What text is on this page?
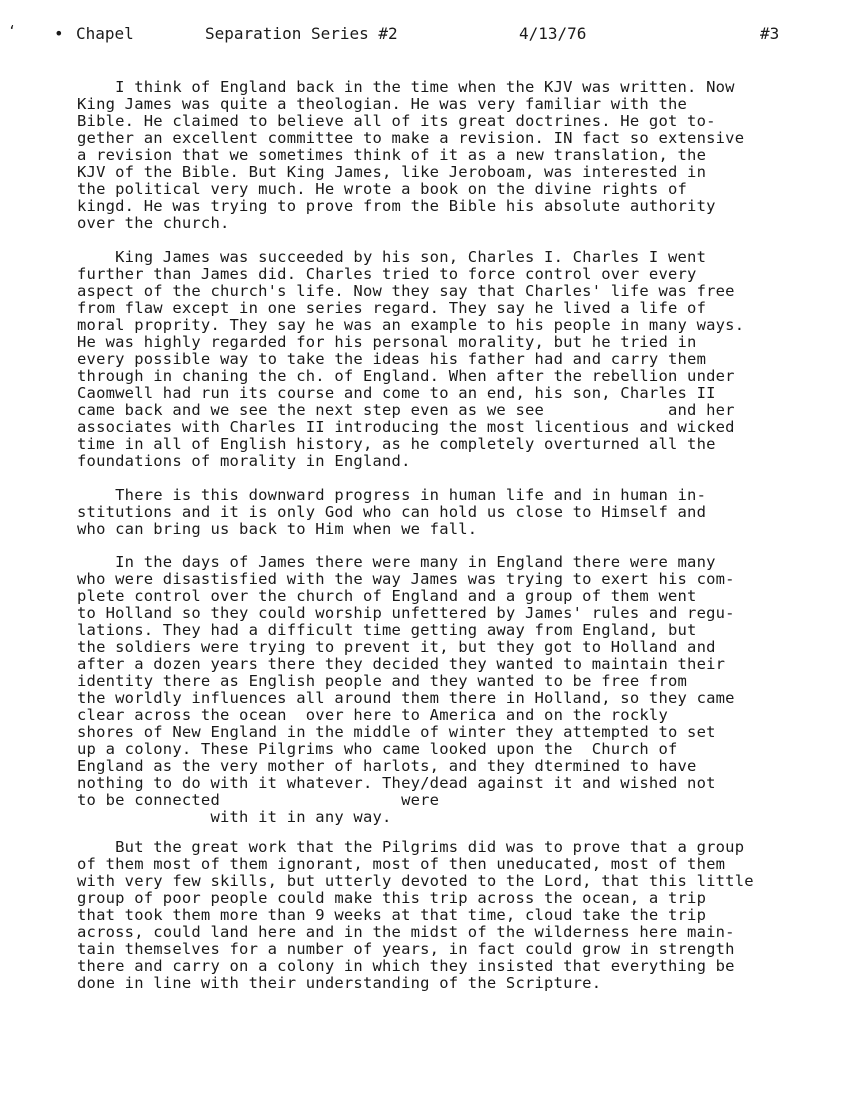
‘ • Chapel	Separation Series #2	4/13/76	#3
I think of England back in the time when the KJV was written. Now
King James was quite a theologian. He was very familiar with the
Bible. He claimed to believe all of its great doctrines. He got to-
gether an excellent committee to make a revision. IN fact so extensive
a revision that we sometimes think of it as a new translation, the
KJV of the Bible. But King James, like Jeroboam, was interested in
the political very much. He wrote a book on the divine rights of
kingd. He was trying to prove from the Bible his absolute authority
over the church.
King James was succeeded by his son, Charles I. Charles I went
further than James did. Charles tried to force control over every
aspect of the church's life. Now they say that Charles' life was free
from flaw except in one series regard. They say he lived a life of
moral proprity. They say he was an example to his people in many ways.
He was highly regarded for his personal morality, but he tried in
every possible way to take the ideas his father had and carry them
through in chaning the ch. of England. When after the rebellion under
Caomwell had run its course and come to an end, his son, Charles II
came back and we see the next step even as we see             and her
associates with Charles II introducing the most licentious and wicked
time in all of English history, as he completely overturned all the
foundations of morality in England.
There is this downward progress in human life and in human in-
stitutions and it is only God who can hold us close to Himself and
who can bring us back to Him when we fall.
In the days of James there were many in England there were many
who were disastisfied with the way James was trying to exert his com-
plete control over the church of England and a group of them went
to Holland so they could worship unfettered by James' rules and regu-
lations. They had a difficult time getting away from England, but
the soldiers were trying to prevent it, but they got to Holland and
after a dozen years there they decided they wanted to maintain their
identity there as English people and they wanted to be free from
the worldly influences all around them there in Holland, so they came
clear across the ocean  over here to America and on the rockly
shores of New England in the middle of winter they attempted to set
up a colony. These Pilgrims who came looked upon the  Church of
England as the very mother of harlots, and they dtermined to have
nothing to do with it whatever. They/dead against it and wished not
to be connected                   were
with it in any way.
But the great work that the Pilgrims did was to prove that a group
of them most of them ignorant, most of then uneducated, most of them
with very few skills, but utterly devoted to the Lord, that this little
group of poor people could make this trip across the ocean, a trip
that took them more than 9 weeks at that time, cloud take the trip
across, could land here and in the midst of the wilderness here main-
tain themselves for a number of years, in fact could grow in strength
there and carry on a colony in which they insisted that everything be
done in line with their understanding of the Scripture.
